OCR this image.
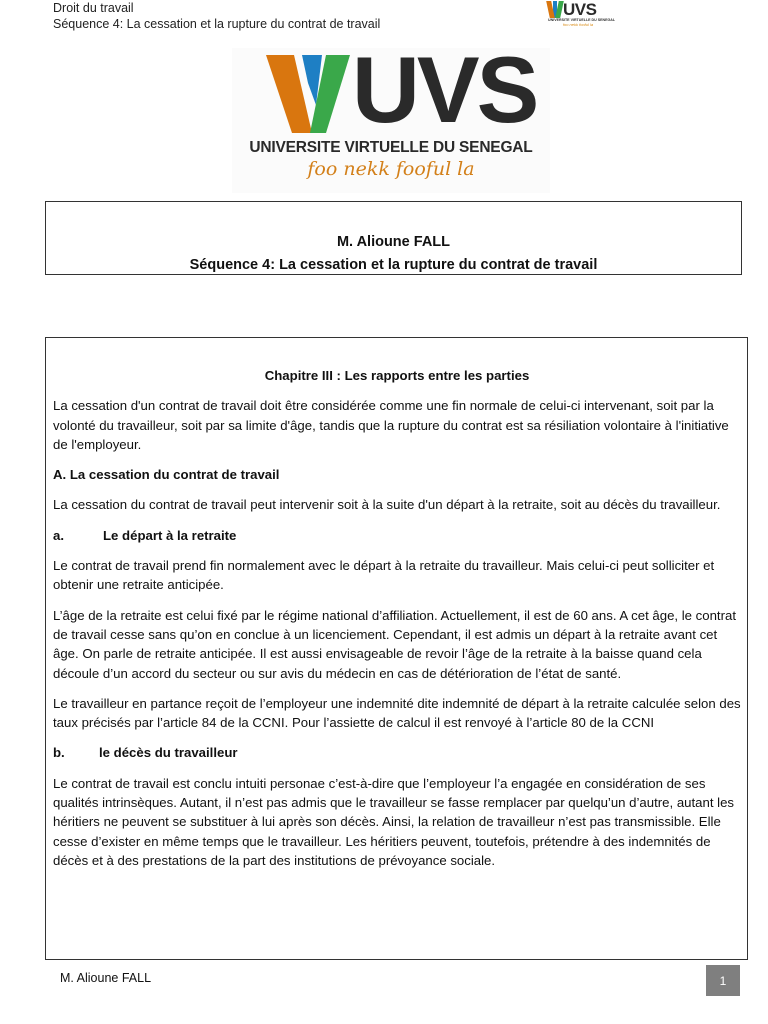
Droit du travail
Séquence 4: La cessation et la rupture du contrat de travail
UVS
UNIVERSITE VIRTUELLE DU SENEGAL
foo nekk fooful la
UVS
UNIVERSITE VIRTUELLE DU SENEGAL
foo nekk fooful la
M. Alioune FALL
Séquence 4: La cessation et la rupture du contrat de travail

Chapitre III : Les rapports entre les parties

La cessation d'un contrat de travail doit être considérée comme une fin normale de celui-ci intervenant, soit par la volonté du travailleur, soit par sa limite d'âge, tandis que la rupture du contrat est sa résiliation volontaire à l'initiative de l'employeur.

A. La cessation du contrat de travail

La cessation du contrat de travail peut intervenir soit à la suite d'un départ à la retraite, soit au décès du travailleur.

a.	Le départ à la retraite

Le contrat de travail prend fin normalement avec le départ à la retraite du travailleur. Mais celui-ci peut solliciter et obtenir une retraite anticipée.

L’âge de la retraite est celui fixé par le régime national d’affiliation. Actuellement, il est de 60 ans. A cet âge, le contrat de travail cesse sans qu’on en conclue à un licenciement. Cependant, il est admis un départ à la retraite avant cet âge. On parle de retraite anticipée. Il est aussi envisageable de revoir l’âge de la retraite à la baisse quand cela découle d’un accord du secteur ou sur avis du médecin en cas de détérioration de l’état de santé.

Le travailleur en partance reçoit de l’employeur une indemnité dite indemnité de départ à la retraite calculée selon des taux précisés par l’article 84 de la CCNI. Pour l’assiette de calcul il est renvoyé à l’article 80 de la CCNI

b.	le décès du travailleur

Le contrat de travail est conclu intuiti personae c’est-à-dire que l’employeur l’a engagée en considération de ses qualités intrinsèques. Autant, il n’est pas admis que le travailleur se fasse remplacer par quelqu’un d’autre, autant les héritiers ne peuvent se substituer à lui après son décès. Ainsi, la relation de travailleur n’est pas transmissible. Elle cesse d’exister en même temps que le travailleur. Les héritiers peuvent, toutefois, prétendre à des indemnités de décès et à des prestations de la part des institutions de prévoyance sociale.

M. Alioune FALL	1
